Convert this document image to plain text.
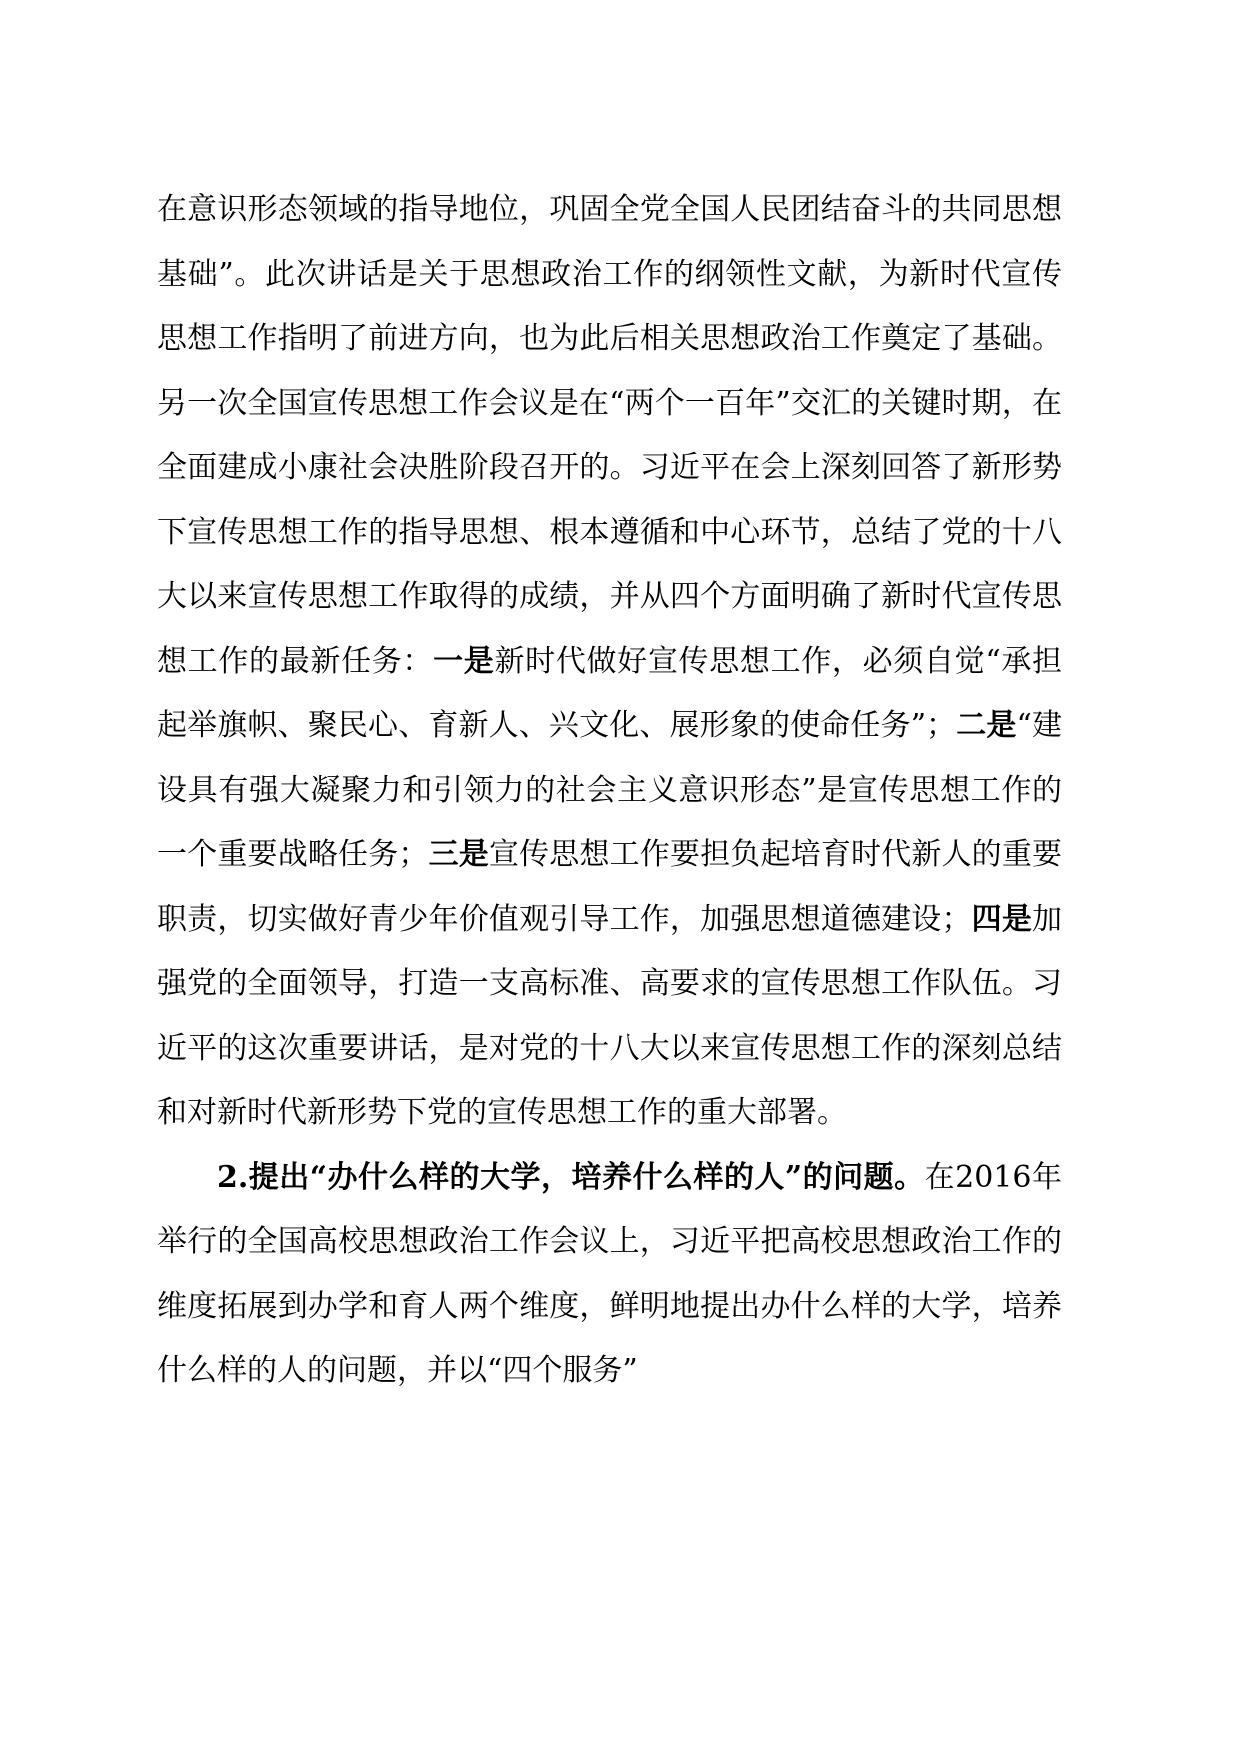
在意识形态领域的指导地位，巩固全党全国人民团结奋斗的共同思想基础”。此次讲话是关于思想政治工作的纲领性文献，为新时代宣传思想工作指明了前进方向，也为此后相关思想政治工作奠定了基础。另一次全国宣传思想工作会议是在“两个一百年”交汇的关键时期，在全面建成小康社会决胜阶段召开的。习近平在会上深刻回答了新形势下宣传思想工作的指导思想、根本遵循和中心环节，总结了党的十八大以来宣传思想工作取得的成绩，并从四个方面明确了新时代宣传思想工作的最新任务：一是新时代做好宣传思想工作，必须自觉“承担起举旗帜、聚民心、育新人、兴文化、展形象的使命任务”；二是“建设具有强大凝聚力和引领力的社会主义意识形态”是宣传思想工作的一个重要战略任务；三是宣传思想工作要担负起培育时代新人的重要职责，切实做好青少年价值观引导工作，加强思想道德建设；四是加强党的全面领导，打造一支高标准、高要求的宣传思想工作队伍。习近平的这次重要讲话，是对党的十八大以来宣传思想工作的深刻总结和对新时代新形势下党的宣传思想工作的重大部署。

2.提出“办什么样的大学，培养什么样的人”的问题。在2016年举行的全国高校思想政治工作会议上，习近平把高校思想政治工作的维度拓展到办学和育人两个维度，鲜明地提出办什么样的大学，培养什么样的人的问题，并以“四个服务”
